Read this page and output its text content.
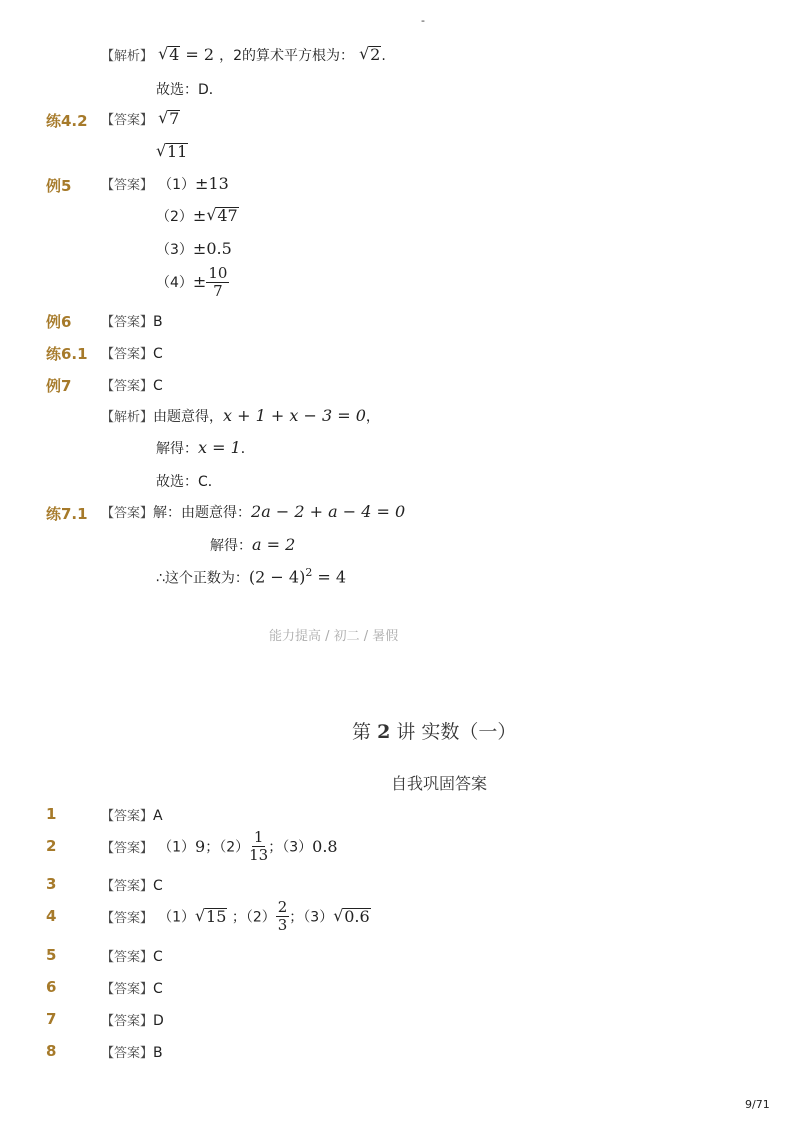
-
【解析】 √ 4 = 2 ，2的算术平方根为： √ 2.
故选：D．
练4.2 【答案】 √ 7
√ 11
例5 【答案】 （1）±13
（2）± √ 47
（3）±0.5
$(4)\pm \frac{10}{7}$
例6 【答案】B
练6.1 【答案】C
例7 【答案】C
【解析】由题意得，x + 1 + x − 3 = 0，
解得：x = 1．
故选：C．
练7.1 【答案】解：由题意得：2a − 2 + a − 4 = 0
解得：a = 2
∴这个正数为：$(2 - 4)^2 = 4$
能力提高 / 初二 / 暑假
第 2 讲 实数（一）
自我巩固答案
1	【答案】A
2	【答案】 （1）9；$(2) \frac{1}{13}$ ；（3）0.8
3	【答案】C
4	【答案】 （1） √ 15 ；$(2) \frac{2}{3}$ ；（3） √ 0.6
5	【答案】C
6	【答案】C
7	【答案】D
8	【答案】B
9/71
